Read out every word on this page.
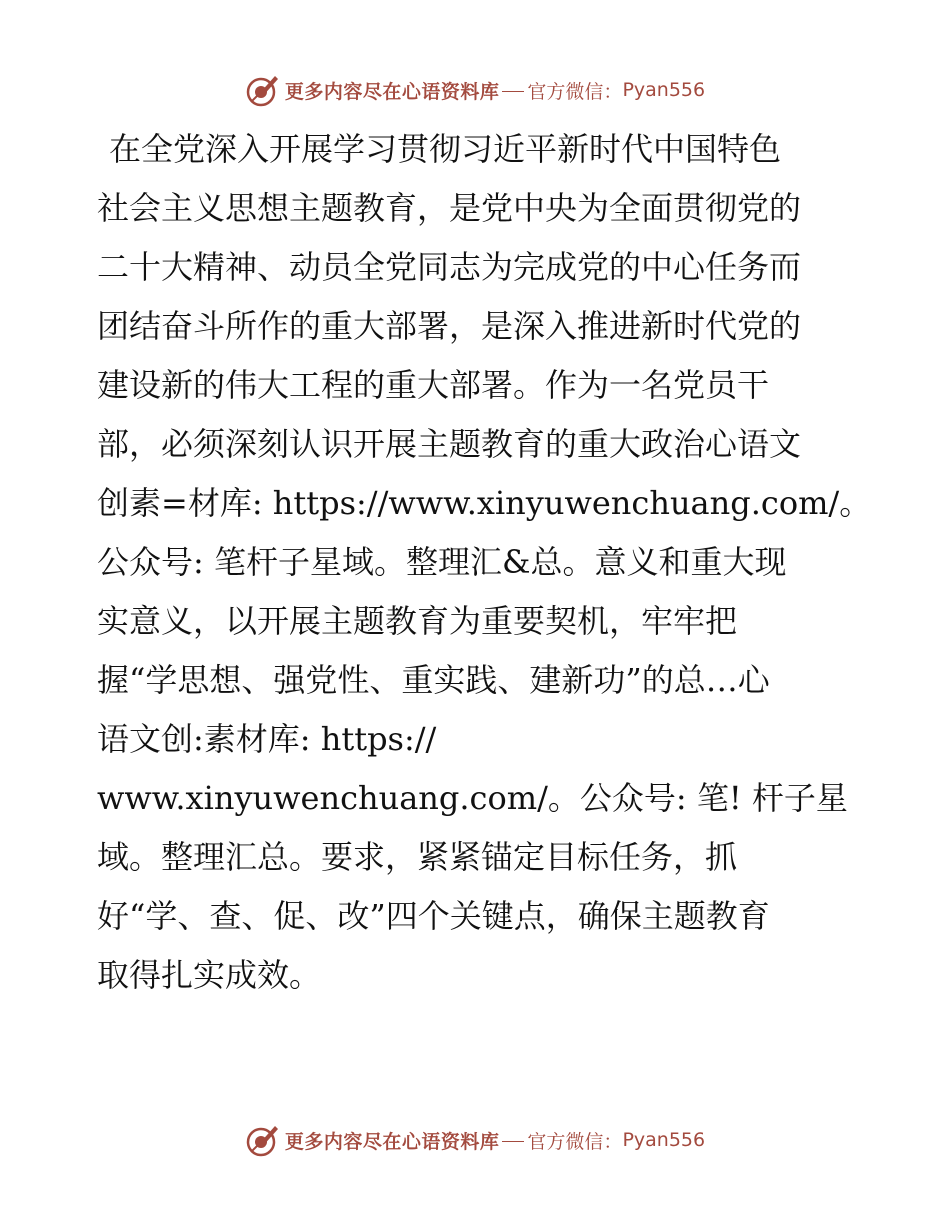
更多内容尽在心语资料库 官方微信： Pyan556
在全党深入开展学习贯彻习近平新时代中国特色
社会主义思想主题教育，是党中央为全面贯彻党的
二十大精神、动员全党同志为完成党的中心任务而
团结奋斗所作的重大部署，是深入推进新时代党的
建设新的伟大工程的重大部署。作为一名党员干
部，必须深刻认识开展主题教育的重大政治心语文
创素=材库: https://www.xinyuwenchuang.com/。
公众号: 笔杆子星域。整理汇&总。意义和重大现
实意义，以开展主题教育为重要契机，牢牢把
握“学思想、强党性、重实践、建新功”的总…心
语文创:素材库: https://
www.xinyuwenchuang.com/。公众号: 笔! 杆子星
域。整理汇总。要求，紧紧锚定目标任务，抓
好“学、查、促、改”四个关键点，确保主题教育
取得扎实成效。
更多内容尽在心语资料库 官方微信： Pyan556
